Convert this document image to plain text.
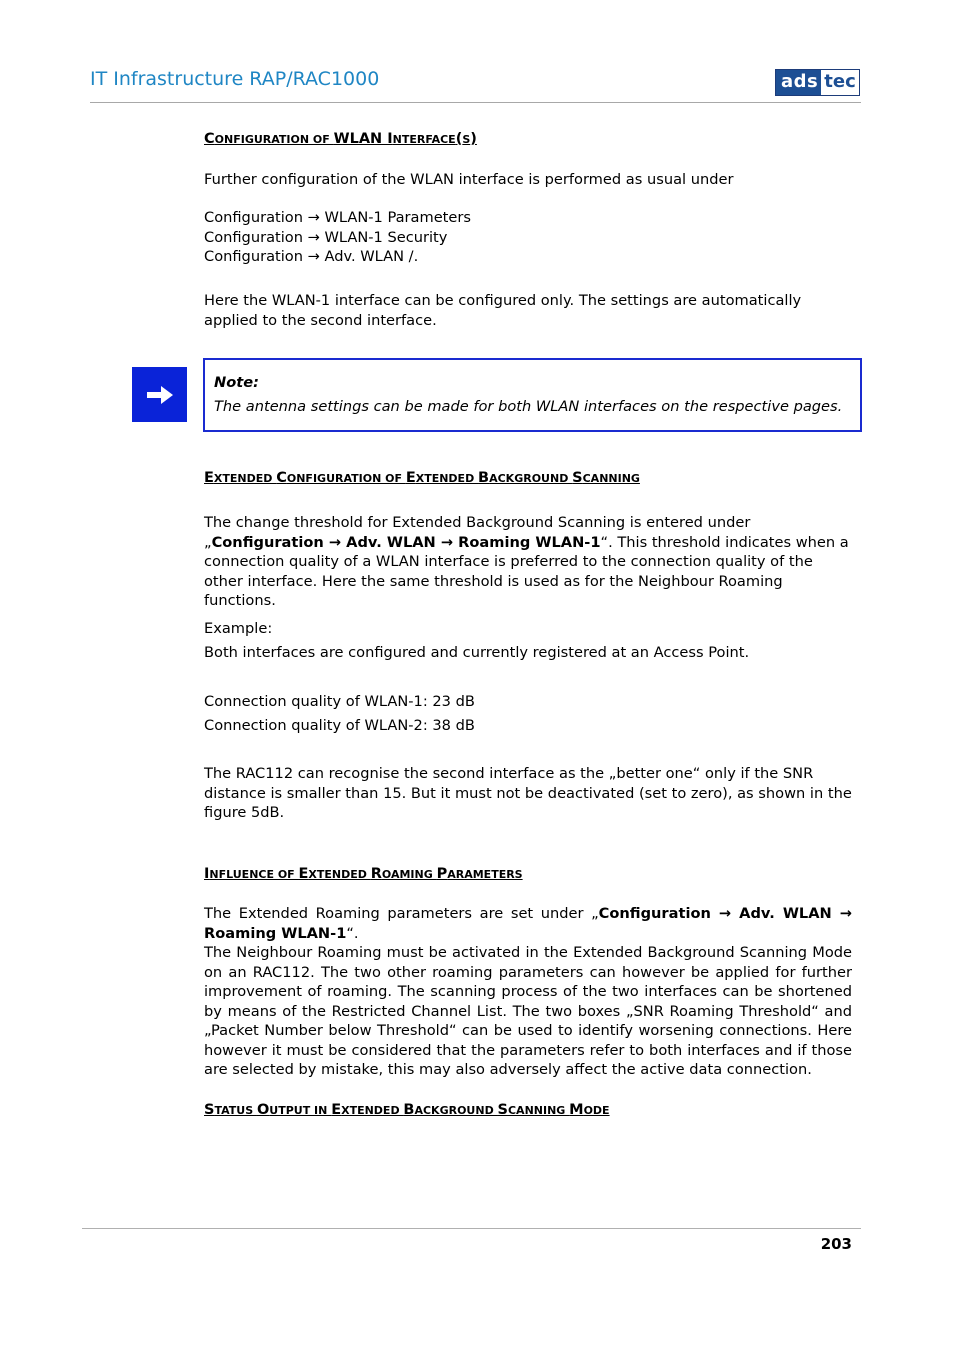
IT Infrastructure RAP/RAC1000	ads tec
CONFIGURATION OF WLAN INTERFACE(S)
Further configuration of the WLAN interface is performed as usual under
Configuration → WLAN-1 Parameters
Configuration → WLAN-1 Security
Configuration → Adv. WLAN /.
Here the WLAN-1 interface can be configured only. The settings are automatically applied to the second interface.
Note:
The antenna settings can be made for both WLAN interfaces on the respective pages.
EXTENDED CONFIGURATION OF EXTENDED BACKGROUND SCANNING
The change threshold for Extended Background Scanning is entered under „Configuration → Adv. WLAN → Roaming WLAN-1“. This threshold indicates when a connection quality of a WLAN interface is preferred to the connection quality of the other interface. Here the same threshold is used as for the Neighbour Roaming functions.
Example:
Both interfaces are configured and currently registered at an Access Point.
Connection quality of WLAN-1: 23 dB
Connection quality of WLAN-2: 38 dB
The RAC112 can recognise the second interface as the „better one“ only if the SNR distance is smaller than 15. But it must not be deactivated (set to zero), as shown in the figure 5dB.
INFLUENCE OF EXTENDED ROAMING PARAMETERS
The Extended Roaming parameters are set under „Configuration → Adv. WLAN → Roaming WLAN-1“.
The Neighbour Roaming must be activated in the Extended Background Scanning Mode on an RAC112. The two other roaming parameters can however be applied for further improvement of roaming. The scanning process of the two interfaces can be shortened by means of the Restricted Channel List. The two boxes „SNR Roaming Threshold“ and „Packet Number below Threshold“ can be used to identify worsening connections. Here however it must be considered that the parameters refer to both interfaces and if those are selected by mistake, this may also adversely affect the active data connection.
STATUS OUTPUT IN EXTENDED BACKGROUND SCANNING MODE
203
